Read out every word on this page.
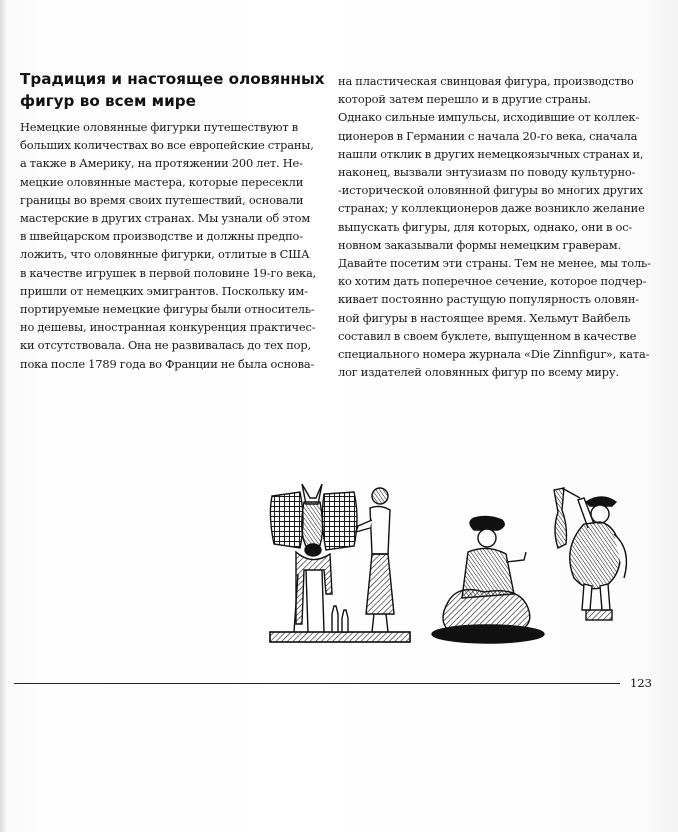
Традиция и настоящее оловянных
фигур во всем мире
Немецкие оловянные фигурки путешествуют в
больших количествах во все европейские страны,
а также в Америку, на протяжении 200 лет. Не-
мецкие оловянные мастера, которые пересекли
границы во время своих путешествий, основали
мастерские в других странах. Мы узнали об этом
в швейцарском производстве и должны предпо-
ложить, что оловянные фигурки, отлитые в США
в качестве игрушек в первой половине 19-го века,
пришли от немецких эмигрантов. Поскольку им-
портируемые немецкие фигуры были относитель-
но дешевы, иностранная конкуренция практичес-
ки отсутствовала. Она не развивалась до тех пор,
пока после 1789 года во Франции не была основа-
на пластическая свинцовая фигура, производство
которой затем перешло и в другие страны.
Однако сильные импульсы, исходившие от коллек-
ционеров в Германии с начала 20-го века, сначала
нашли отклик в других немецкоязычных странах и,
наконец, вызвали энтузиазм по поводу культурно-
-исторической оловянной фигуры во многих других
странах; у коллекционеров даже возникло желание
выпускать фигуры, для которых, однако, они в ос-
новном заказывали формы немецким граверам.
Давайте посетим эти страны. Тем не менее, мы толь-
ко хотим дать поперечное сечение, которое подчер-
кивает постоянно растущую популярность оловян-
ной фигуры в настоящее время. Хельмут Вайбель
составил в своем буклете, выпущенном в качестве
специального номера журнала «Die Zinnfigur», ката-
лог издателей оловянных фигур по всему миру.
123
